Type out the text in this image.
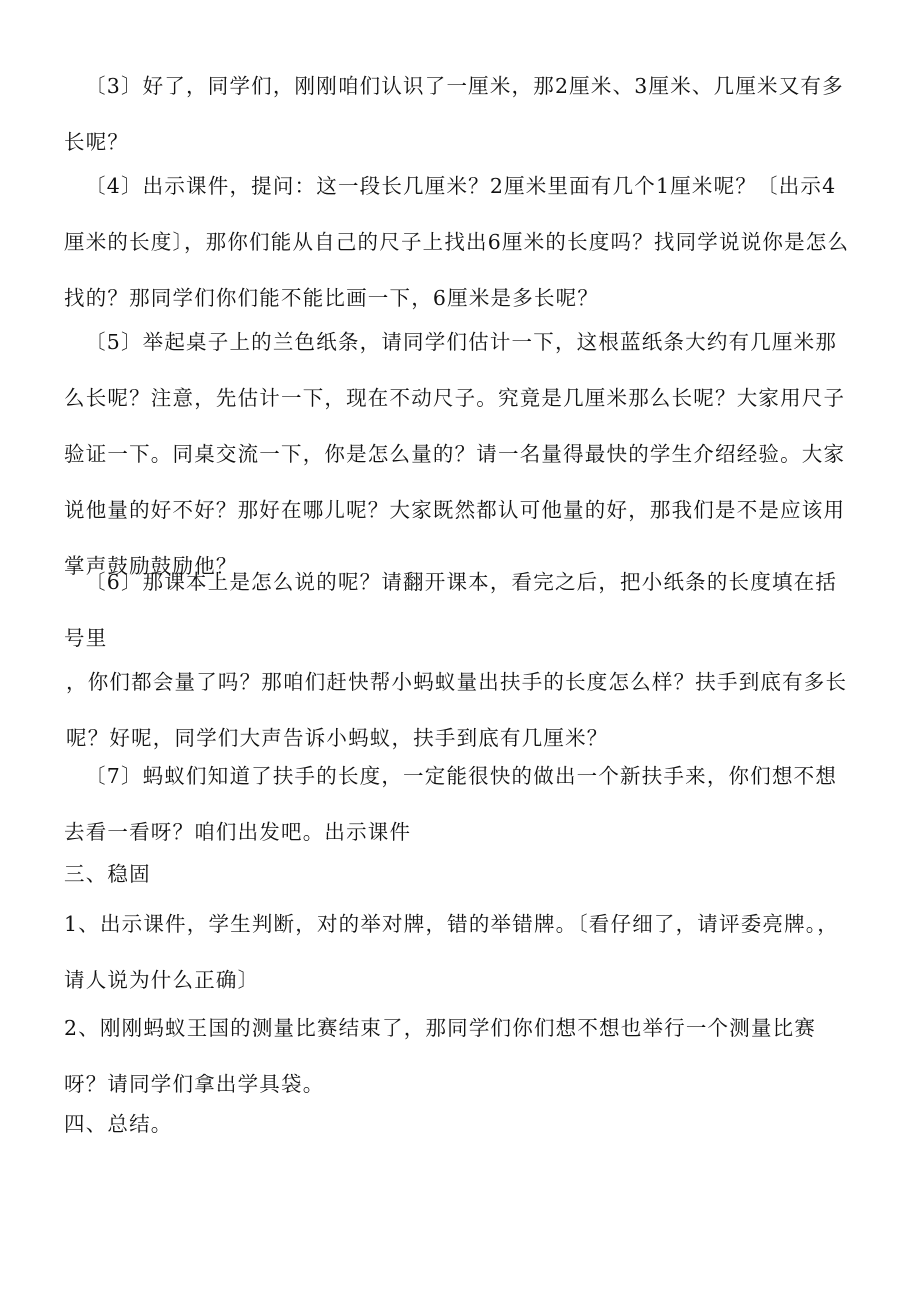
〔3〕好了，同学们，刚刚咱们认识了一厘米，那2厘米、3厘米、几厘米又有多长呢？

〔4〕出示课件，提问：这一段长几厘米？2厘米里面有几个1厘米呢？〔出示4厘米的长度〕，那你们能从自己的尺子上找出6厘米的长度吗？找同学说说你是怎么找的？那同学们你们能不能比画一下，6厘米是多长呢？

〔5〕举起桌子上的兰色纸条，请同学们估计一下，这根蓝纸条大约有几厘米那么长呢？注意，先估计一下，现在不动尺子。究竟是几厘米那么长呢？大家用尺子验证一下。同桌交流一下，你是怎么量的？请一名量得最快的学生介绍经验。大家说他量的好不好？那好在哪儿呢？大家既然都认可他量的好，那我们是不是应该用掌声鼓励鼓励他？

〔6〕那课本上是怎么说的呢？请翻开课本，看完之后，把小纸条的长度填在括号里

，你们都会量了吗？那咱们赶快帮小蚂蚁量出扶手的长度怎么样？扶手到底有多长呢？好呢，同学们大声告诉小蚂蚁，扶手到底有几厘米？

〔7〕蚂蚁们知道了扶手的长度，一定能很快的做出一个新扶手来，你们想不想去看一看呀？咱们出发吧。出示课件

三、稳固

1、出示课件，学生判断，对的举对牌，错的举错牌。〔看仔细了，请评委亮牌。，请人说为什么正确〕

2、刚刚蚂蚁王国的测量比赛结束了，那同学们你们想不想也举行一个测量比赛呀？请同学们拿出学具袋。

四、总结。
